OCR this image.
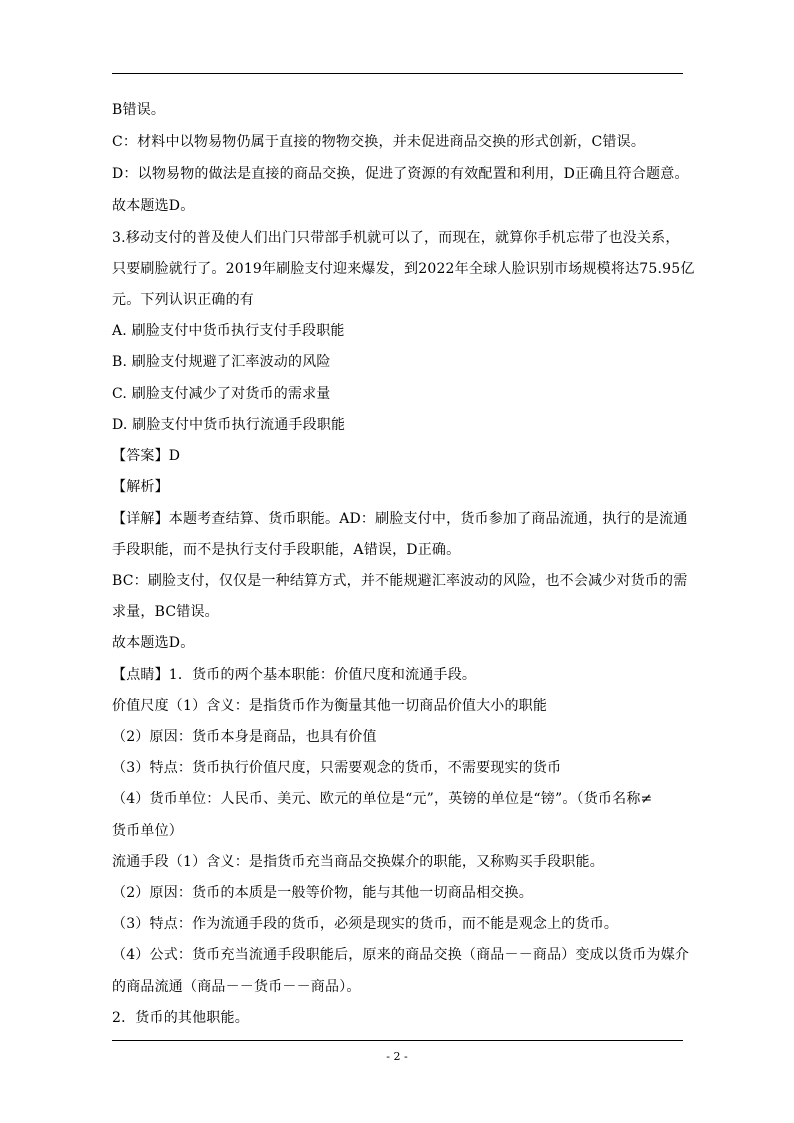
B错误。
C：材料中以物易物仍属于直接的物物交换，并未促进商品交换的形式创新，C错误。
D：以物易物的做法是直接的商品交换，促进了资源的有效配置和利用，D正确且符合题意。
故本题选D。
3.移动支付的普及使人们出门只带部手机就可以了，而现在，就算你手机忘带了也没关系，
只要刷脸就行了。2019年刷脸支付迎来爆发，到2022年全球人脸识别市场规模将达75.95亿
元。下列认识正确的有
A. 刷脸支付中货币执行支付手段职能
B. 刷脸支付规避了汇率波动的风险
C. 刷脸支付减少了对货币的需求量
D. 刷脸支付中货币执行流通手段职能
【答案】D
【解析】
【详解】本题考查结算、货币职能。AD：刷脸支付中，货币参加了商品流通，执行的是流通
手段职能，而不是执行支付手段职能，A错误，D正确。
BC：刷脸支付，仅仅是一种结算方式，并不能规避汇率波动的风险，也不会减少对货币的需
求量，BC错误。
故本题选D。
【点睛】1．货币的两个基本职能：价值尺度和流通手段。
价值尺度（1）含义：是指货币作为衡量其他一切商品价值大小的职能
（2）原因：货币本身是商品，也具有价值
（3）特点：货币执行价值尺度，只需要观念的货币，不需要现实的货币
（4）货币单位：人民币、美元、欧元的单位是“元”，英镑的单位是“镑”。（货币名称≠
货币单位）
流通手段（1）含义：是指货币充当商品交换媒介的职能，又称购买手段职能。
（2）原因：货币的本质是一般等价物，能与其他一切商品相交换。
（3）特点：作为流通手段的货币，必须是现实的货币，而不能是观念上的货币。
（4）公式：货币充当流通手段职能后，原来的商品交换（商品－－商品）变成以货币为媒介
的商品流通（商品－－货币－－商品）。
2．货币的其他职能。
- 2 -
